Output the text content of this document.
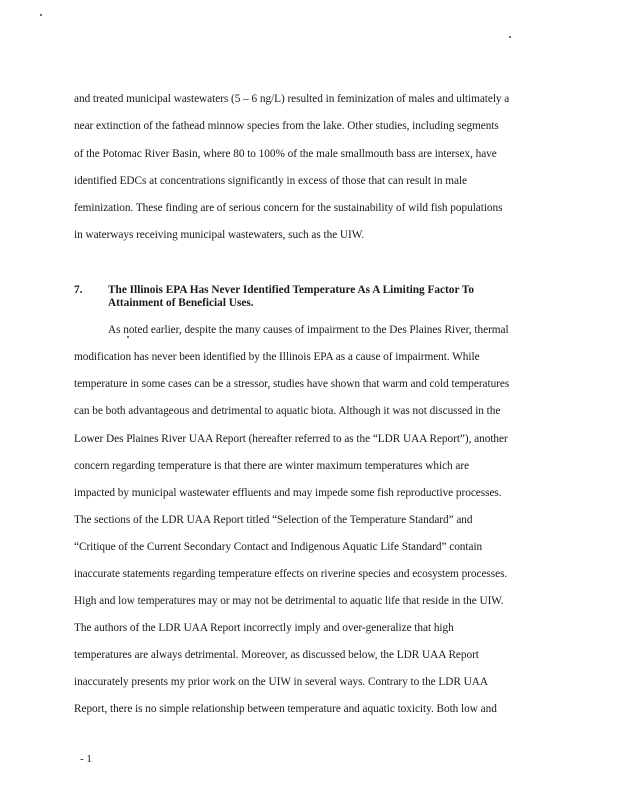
and treated municipal wastewaters (5 – 6 ng/L) resulted in feminization of males and ultimately a
near extinction of the fathead minnow species from the lake. Other studies, including segments
of the Potomac River Basin, where 80 to 100% of the male smallmouth bass are intersex, have
identified EDCs at concentrations significantly in excess of those that can result in male
feminization. These finding are of serious concern for the sustainability of wild fish populations
in waterways receiving municipal wastewaters, such as the UIW.
7. The Illinois EPA Has Never Identified Temperature As A Limiting Factor To
Attainment of Beneficial Uses.
As noted earlier, despite the many causes of impairment to the Des Plaines River, thermal
modification has never been identified by the Illinois EPA as a cause of impairment. While
temperature in some cases can be a stressor, studies have shown that warm and cold temperatures
can be both advantageous and detrimental to aquatic biota. Although it was not discussed in the
Lower Des Plaines River UAA Report (hereafter referred to as the “LDR UAA Report”), another
concern regarding temperature is that there are winter maximum temperatures which are
impacted by municipal wastewater effluents and may impede some fish reproductive processes.
The sections of the LDR UAA Report titled “Selection of the Temperature Standard” and
“Critique of the Current Secondary Contact and Indigenous Aquatic Life Standard” contain
inaccurate statements regarding temperature effects on riverine species and ecosystem processes.
High and low temperatures may or may not be detrimental to aquatic life that reside in the UIW.
The authors of the LDR UAA Report incorrectly imply and over-generalize that high
temperatures are always detrimental. Moreover, as discussed below, the LDR UAA Report
inaccurately presents my prior work on the UIW in several ways. Contrary to the LDR UAA
Report, there is no simple relationship between temperature and aquatic toxicity. Both low and
- 1
